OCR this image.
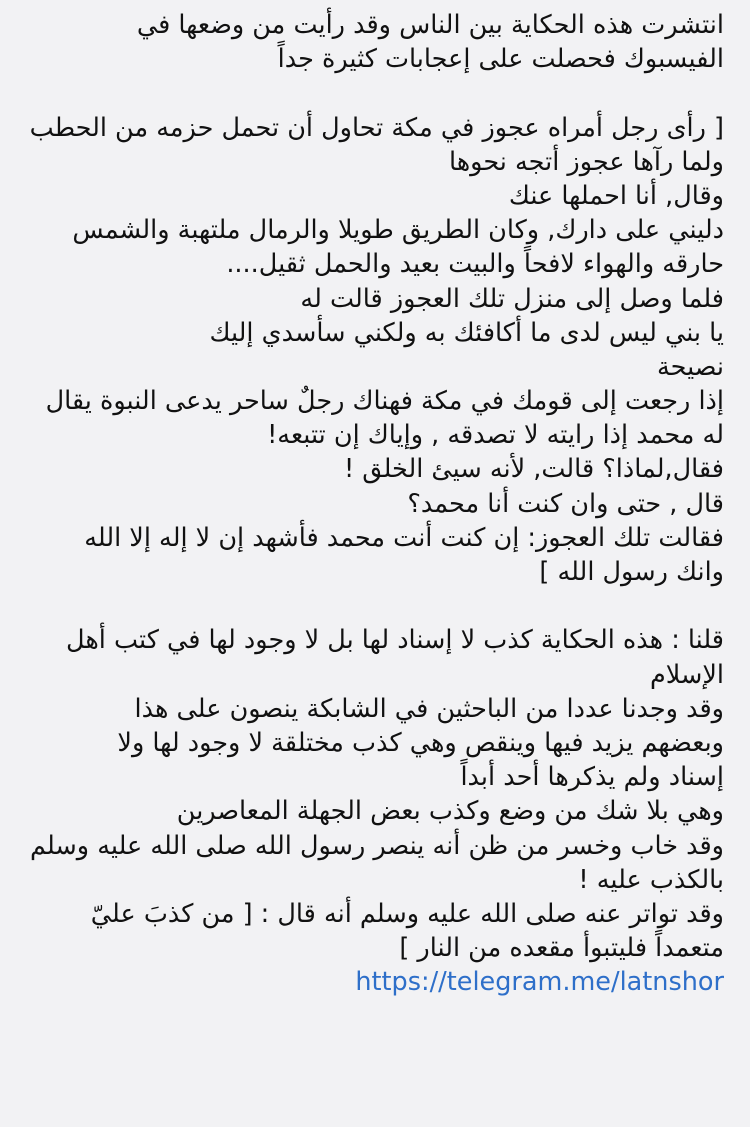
انتشرت هذه الحكاية بين الناس وقد رأيت من وضعها في
الفيسبوك فحصلت على إعجابات كثيرة جداً
[ رأى رجل أمراه عجوز في مكة تحاول أن تحمل حزمه من الحطب
ولما رآها عجوز أتجه نحوها
وقال, أنا احملها عنك
دليني على دارك, وكان الطريق طويلا والرمال ملتهبة والشمس
حارقه والهواء لافحاً والبيت بعيد والحمل ثقيل....
فلما وصل إلى منزل تلك العجوز قالت له
يا بني ليس لدى ما أكافئك به ولكني سأسدي إليك
نصيحة
إذا رجعت إلى قومك في مكة فهناك رجلٌ ساحر يدعى النبوة يقال
له محمد إذا رايته لا تصدقه , وإياك إن تتبعه!
فقال,لماذا؟ قالت, لأنه سيئ الخلق !
قال , حتى وان كنت أنا محمد؟
فقالت تلك العجوز: إن كنت أنت محمد فأشهد إن لا إله إلا الله
وانك رسول الله ]
قلنا : هذه الحكاية كذب لا إسناد لها بل لا وجود لها في كتب أهل
الإسلام
وقد وجدنا عددا من الباحثين في الشابكة ينصون على هذا
وبعضهم يزيد فيها وينقص وهي كذب مختلقة لا وجود لها ولا
إسناد ولم يذكرها أحد أبداً
وهي بلا شك من وضع وكذب بعض الجهلة المعاصرين
وقد خاب وخسر من ظن أنه ينصر رسول الله صلى الله عليه وسلم
بالكذب عليه !
وقد تواتر عنه صلى الله عليه وسلم أنه قال : [ من كذبَ عليّ
متعمداً فليتبوأ مقعده من النار ]
https://telegram.me/latnshor
